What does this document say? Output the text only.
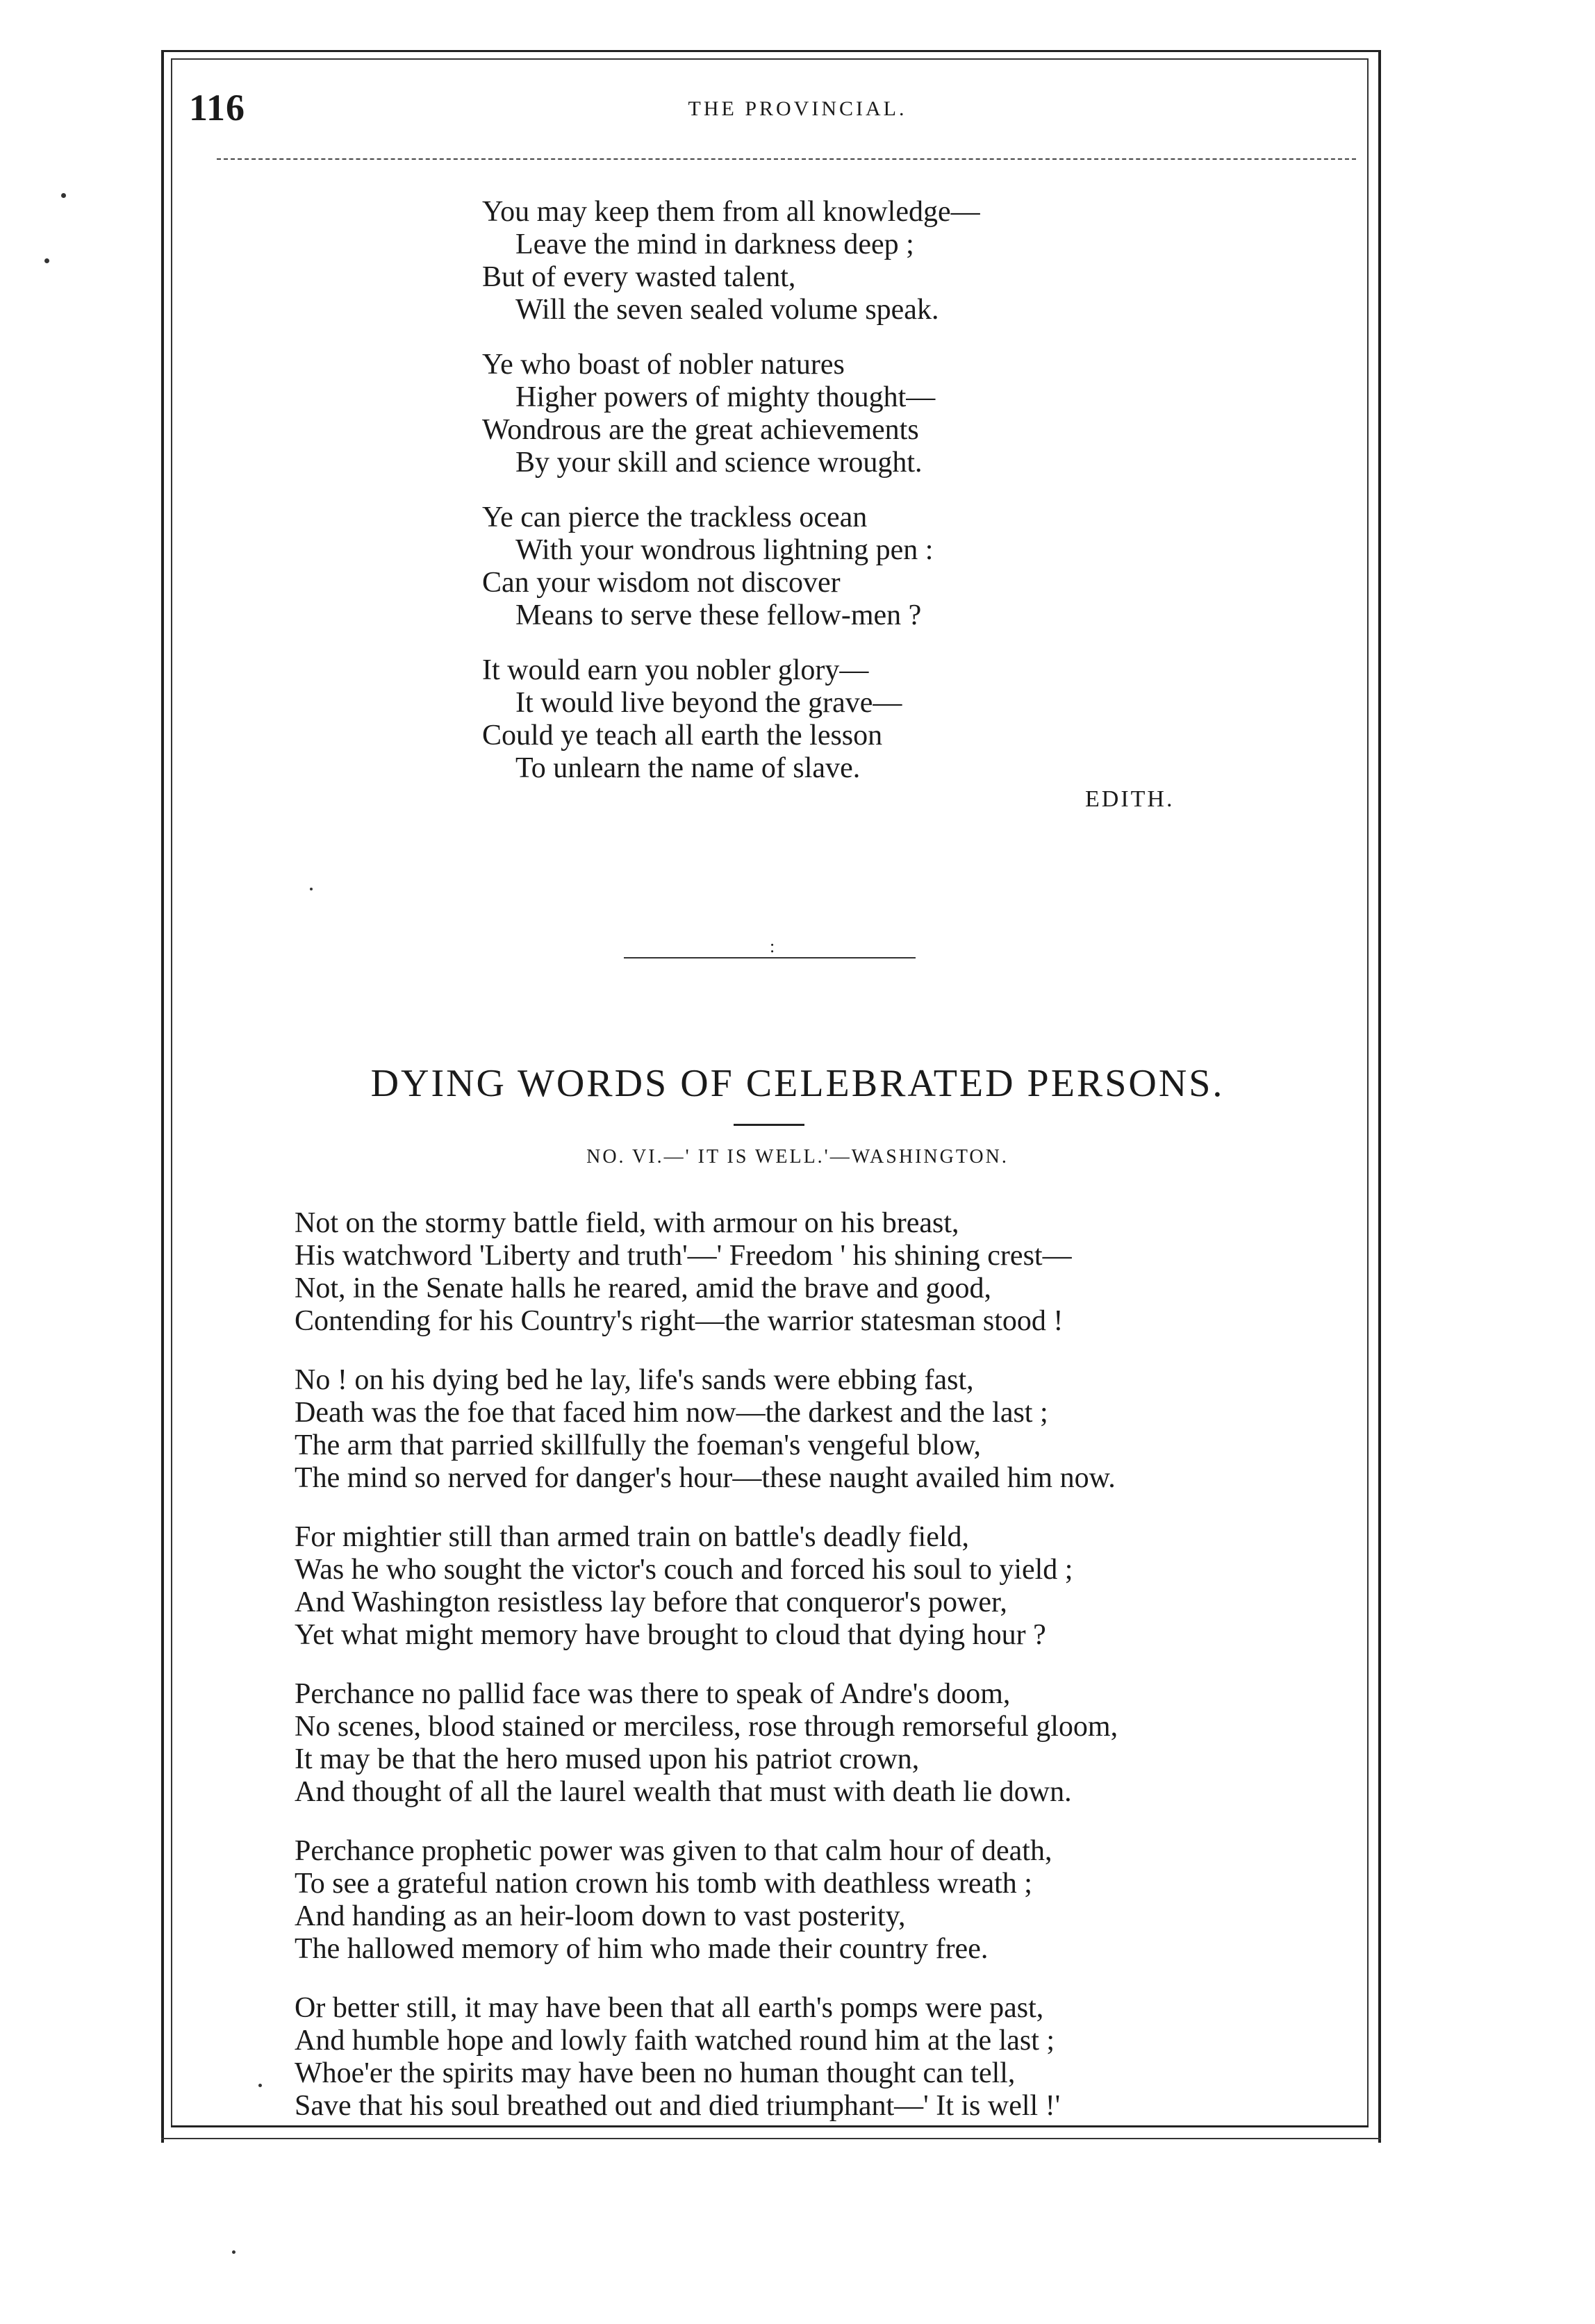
116	THE PROVINCIAL.
You may keep them from all knowledge—
Leave the mind in darkness deep ;
But of every wasted talent,
Will the seven sealed volume speak.
Ye who boast of nobler natures
Higher powers of mighty thought—
Wondrous are the great achievements
By your skill and science wrought.
Ye can pierce the trackless ocean
With your wondrous lightning pen :
Can your wisdom not discover
Means to serve these fellow-men ?
It would earn you nobler glory—
It would live beyond the grave—
Could ye teach all earth the lesson
To unlearn the name of slave.
EDITH.
:
DYING WORDS OF CELEBRATED PERSONS.
NO. VI.—' IT IS WELL.'—WASHINGTON.
Not on the stormy battle field, with armour on his breast,
His watchword 'Liberty and truth'—' Freedom ' his shining crest—
Not, in the Senate halls he reared, amid the brave and good,
Contending for his Country's right—the warrior statesman stood !
No ! on his dying bed he lay, life's sands were ebbing fast,
Death was the foe that faced him now—the darkest and the last ;
The arm that parried skillfully the foeman's vengeful blow,
The mind so nerved for danger's hour—these naught availed him now.
For mightier still than armed train on battle's deadly field,
Was he who sought the victor's couch and forced his soul to yield ;
And Washington resistless lay before that conqueror's power,
Yet what might memory have brought to cloud that dying hour ?
Perchance no pallid face was there to speak of Andre's doom,
No scenes, blood stained or merciless, rose through remorseful gloom,
It may be that the hero mused upon his patriot crown,
And thought of all the laurel wealth that must with death lie down.
Perchance prophetic power was given to that calm hour of death,
To see a grateful nation crown his tomb with deathless wreath ;
And handing as an heir-loom down to vast posterity,
The hallowed memory of him who made their country free.
Or better still, it may have been that all earth's pomps were past,
And humble hope and lowly faith watched round him at the last ;
Whoe'er the spirits may have been no human thought can tell,
Save that his soul breathed out and died triumphant—' It is well !'
